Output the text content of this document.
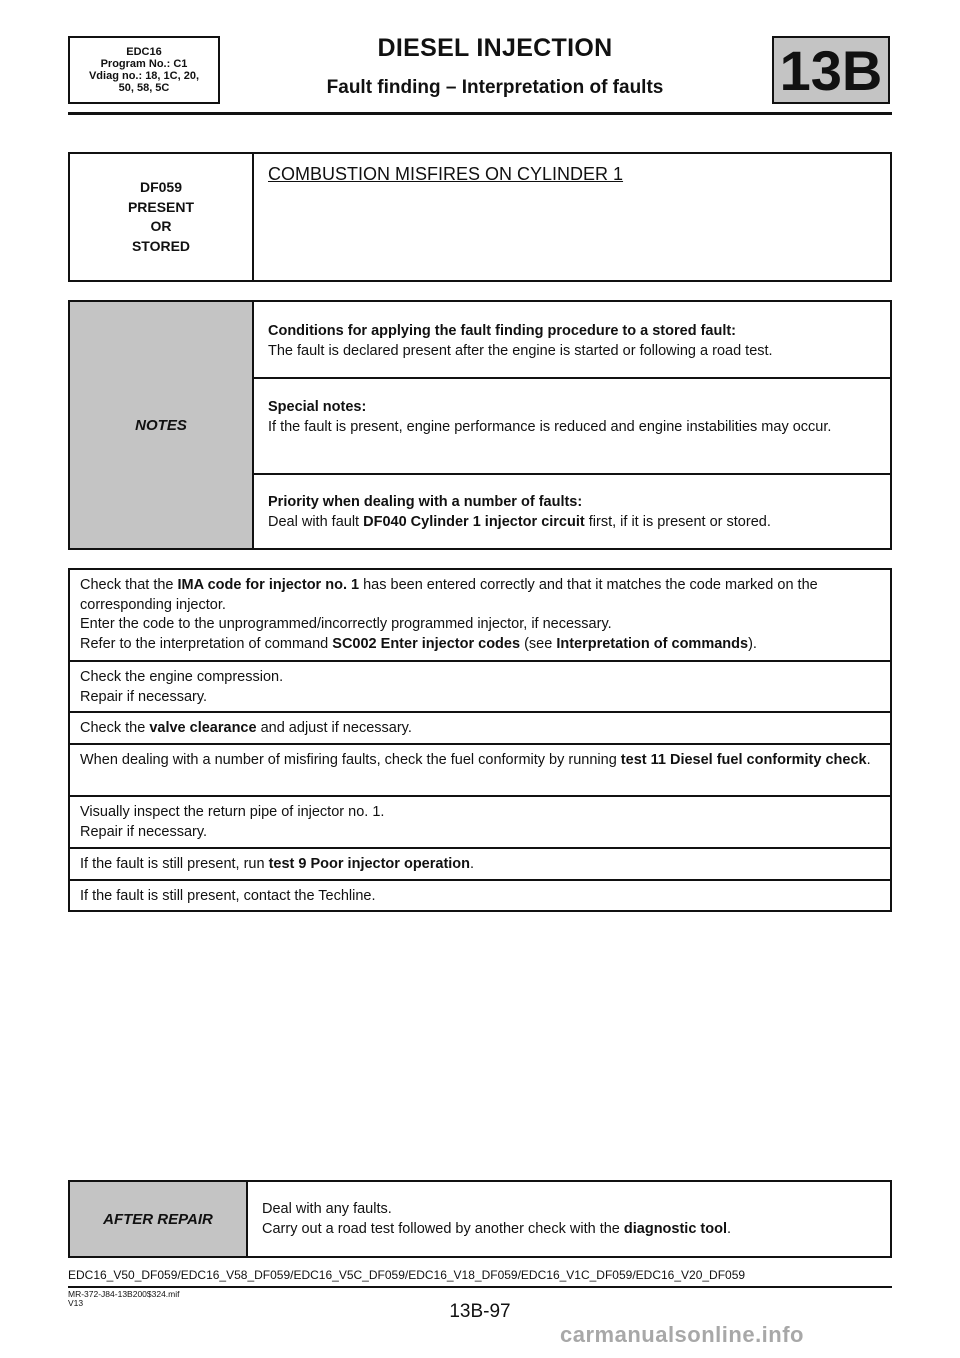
EDC16
Program No.: C1
Vdiag no.: 18, 1C, 20,
50, 58, 5C
DIESEL INJECTION
Fault finding – Interpretation of faults	13B
DF059
PRESENT
OR
STORED
COMBUSTION MISFIRES ON CYLINDER 1
NOTES
Conditions for applying the fault finding procedure to a stored fault:
The fault is declared present after the engine is started or following a road test.
Special notes:
If the fault is present, engine performance is reduced and engine instabilities may occur.
Priority when dealing with a number of faults:
Deal with fault DF040 Cylinder 1 injector circuit first, if it is present or stored.
Check that the IMA code for injector no. 1 has been entered correctly and that it matches the code marked on the corresponding injector.
Enter the code to the unprogrammed/incorrectly programmed injector, if necessary.
Refer to the interpretation of command SC002 Enter injector codes (see Interpretation of commands).
Check the engine compression.
Repair if necessary.
Check the valve clearance and adjust if necessary.
When dealing with a number of misfiring faults, check the fuel conformity by running test 11 Diesel fuel conformity check.
Visually inspect the return pipe of injector no. 1.
Repair if necessary.
If the fault is still present, run test 9 Poor injector operation.
If the fault is still present, contact the Techline.
AFTER REPAIR
Deal with any faults.
Carry out a road test followed by another check with the diagnostic tool.
EDC16_V50_DF059/EDC16_V58_DF059/EDC16_V5C_DF059/EDC16_V18_DF059/EDC16_V1C_DF059/EDC16_V20_DF059
MR-372-J84-13B200$324.mif
V13	13B-97
carmanualsonline.info
